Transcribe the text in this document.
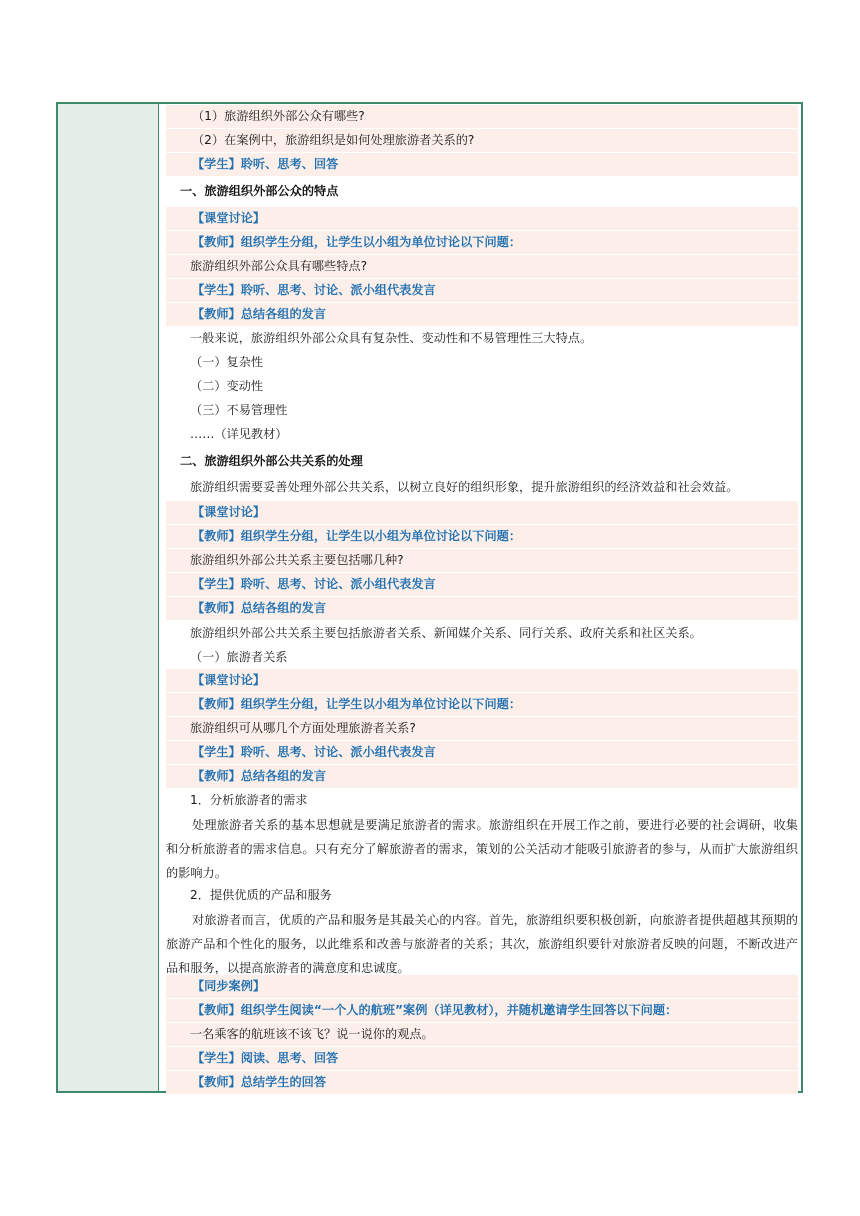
（1）旅游组织外部公众有哪些?
（2）在案例中，旅游组织是如何处理旅游者关系的?
【学生】聆听、思考、回答
一、旅游组织外部公众的特点
【课堂讨论】
【教师】组织学生分组，让学生以小组为单位讨论以下问题：
旅游组织外部公众具有哪些特点?
【学生】聆听、思考、讨论、派小组代表发言
【教师】总结各组的发言
一般来说，旅游组织外部公众具有复杂性、变动性和不易管理性三大特点。
（一）复杂性
（二）变动性
（三）不易管理性
……（详见教材）
二、旅游组织外部公共关系的处理
旅游组织需要妥善处理外部公共关系，以树立良好的组织形象，提升旅游组织的经济效益和社会效益。
【课堂讨论】
【教师】组织学生分组，让学生以小组为单位讨论以下问题：
旅游组织外部公共关系主要包括哪几种?
【学生】聆听、思考、讨论、派小组代表发言
【教师】总结各组的发言
旅游组织外部公共关系主要包括旅游者关系、新闻媒介关系、同行关系、政府关系和社区关系。
（一）旅游者关系
【课堂讨论】
【教师】组织学生分组，让学生以小组为单位讨论以下问题：
旅游组织可从哪几个方面处理旅游者关系?
【学生】聆听、思考、讨论、派小组代表发言
【教师】总结各组的发言
1．分析旅游者的需求
处理旅游者关系的基本思想就是要满足旅游者的需求。旅游组织在开展工作之前，要进行必要的社会调研，收集和分析旅游者的需求信息。只有充分了解旅游者的需求，策划的公关活动才能吸引旅游者的参与，从而扩大旅游组织的影响力。
2．提供优质的产品和服务
对旅游者而言，优质的产品和服务是其最关心的内容。首先，旅游组织要积极创新，向旅游者提供超越其预期的旅游产品和个性化的服务，以此维系和改善与旅游者的关系；其次，旅游组织要针对旅游者反映的问题，不断改进产品和服务，以提高旅游者的满意度和忠诚度。
【同步案例】
【教师】组织学生阅读“一个人的航班”案例（详见教材），并随机邀请学生回答以下问题：
一名乘客的航班该不该飞？说一说你的观点。
【学生】阅读、思考、回答
【教师】总结学生的回答
